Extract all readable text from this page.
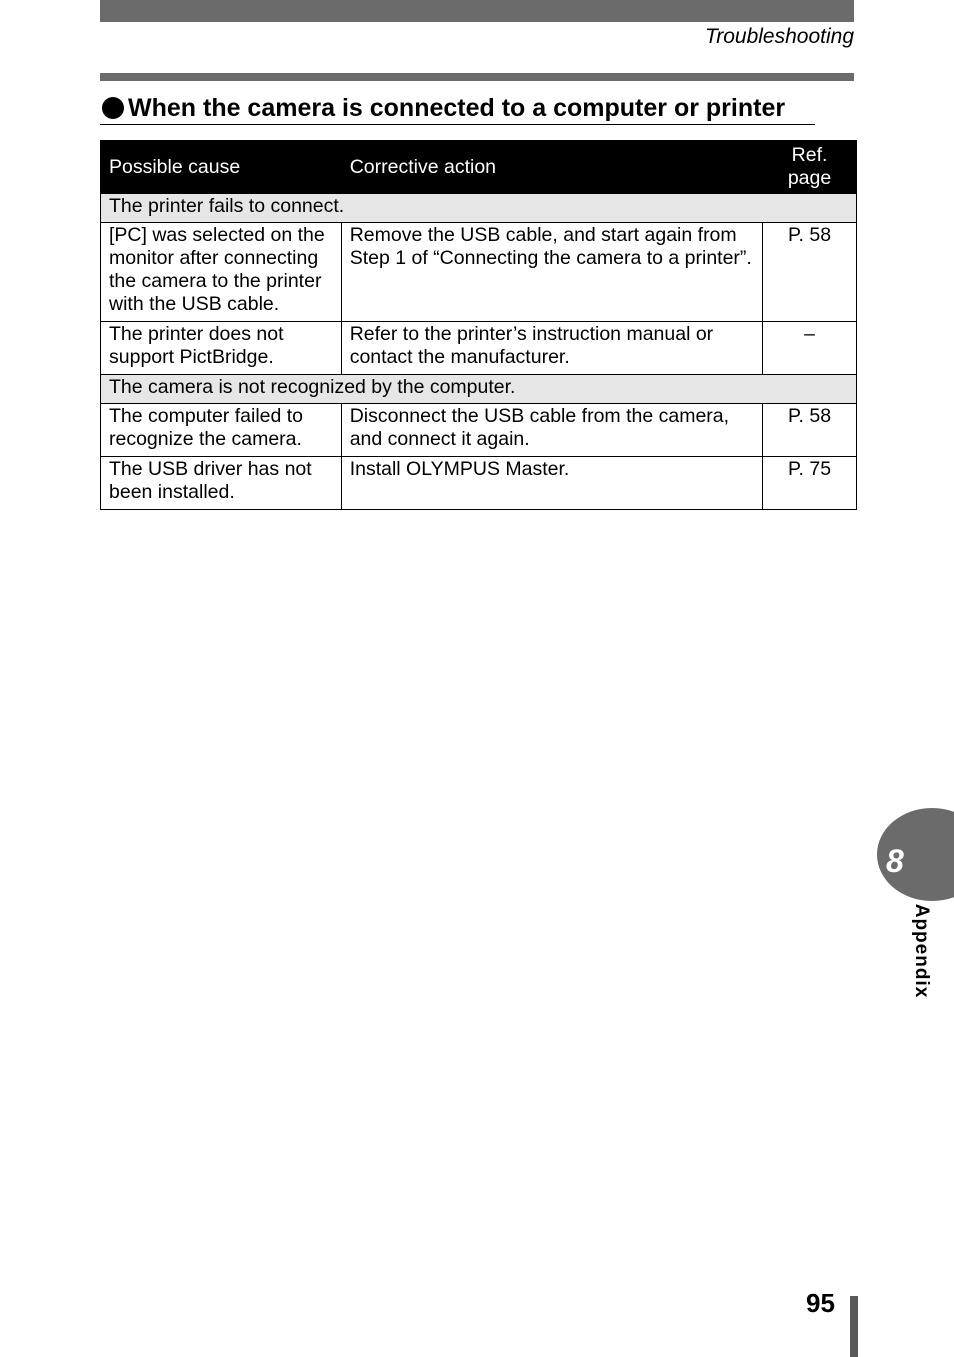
Troubleshooting
When the camera is connected to a computer or printer
Possible cause	Corrective action	Ref. page
The printer fails to connect.		
[PC] was selected on the monitor after connecting the camera to the printer with the USB cable.	Remove the USB cable, and start again from Step 1 of “Connecting the camera to a printer”.	P. 58
The printer does not support PictBridge.	Refer to the printer’s instruction manual or contact the manufacturer.	–
The camera is not recognized by the computer.		
The computer failed to recognize the camera.	Disconnect the USB cable from the camera, and connect it again.	P. 58
The USB driver has not been installed.	Install OLYMPUS Master.	P. 75
8
Appendix
95
